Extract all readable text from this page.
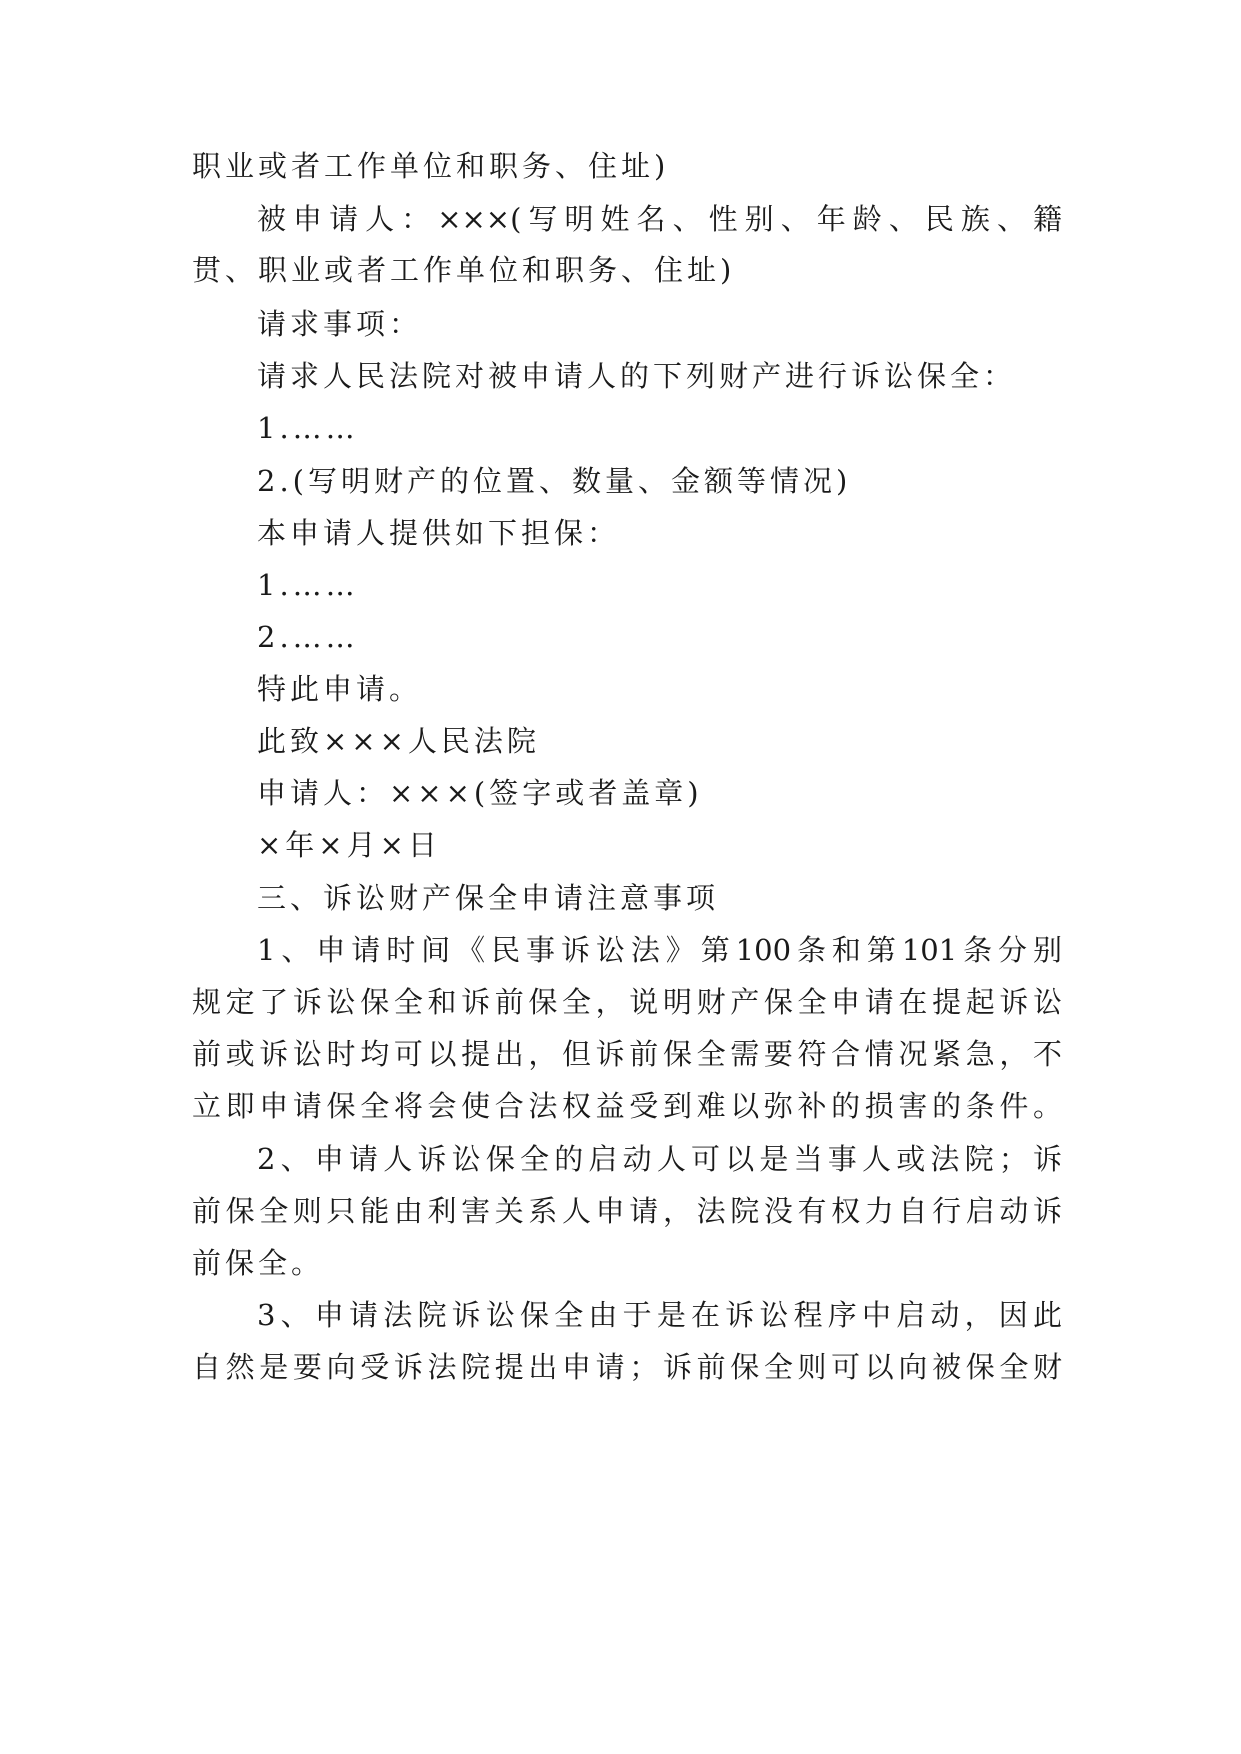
职业或者工作单位和职务、住址)
被申请人：×××(写明姓名、性别、年龄、民族、籍
贯、职业或者工作单位和职务、住址)
请求事项：
请求人民法院对被申请人的下列财产进行诉讼保全：
1.……
2.(写明财产的位置、数量、金额等情况)
本申请人提供如下担保：
1.……
2.……
特此申请。
此致×××人民法院
申请人：×××(签字或者盖章)
×年×月×日
三、诉讼财产保全申请注意事项
1、申请时间《民事诉讼法》第100条和第101条分别
规定了诉讼保全和诉前保全，说明财产保全申请在提起诉讼
前或诉讼时均可以提出，但诉前保全需要符合情况紧急，不
立即申请保全将会使合法权益受到难以弥补的损害的条件。
2、申请人诉讼保全的启动人可以是当事人或法院；诉
前保全则只能由利害关系人申请，法院没有权力自行启动诉
前保全。
3、申请法院诉讼保全由于是在诉讼程序中启动，因此
自然是要向受诉法院提出申请；诉前保全则可以向被保全财
